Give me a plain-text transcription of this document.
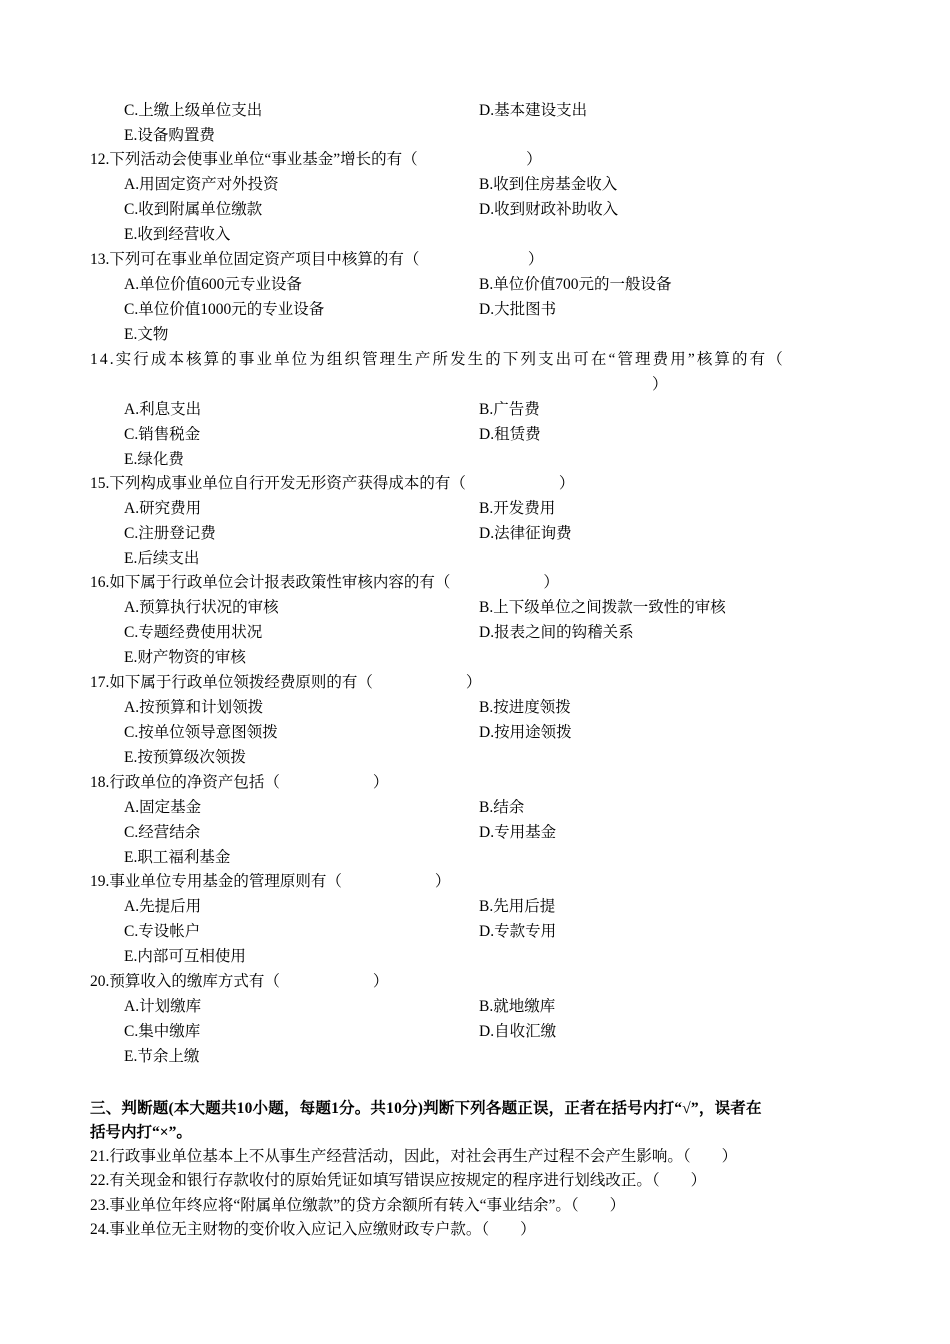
C.上缴上级单位支出	D.基本建设支出
E.设备购置费
12.下列活动会使事业单位“事业基金”增长的有（　　　　　　　）
A.用固定资产对外投资	B.收到住房基金收入
C.收到附属单位缴款	D.收到财政补助收入
E.收到经营收入
13.下列可在事业单位固定资产项目中核算的有（　　　　　　　）
A.单位价值600元专业设备	B.单位价值700元的一般设备
C.单位价值1000元的专业设备	D.大批图书
E.文物
14.实行成本核算的事业单位为组织管理生产所发生的下列支出可在“管理费用”核算的有（
）
A.利息支出	B.广告费
C.销售税金	D.租赁费
E.绿化费
15.下列构成事业单位自行开发无形资产获得成本的有（　　　　　　）
A.研究费用	B.开发费用
C.注册登记费	D.法律征询费
E.后续支出
16.如下属于行政单位会计报表政策性审核内容的有（　　　　　　）
A.预算执行状况的审核	B.上下级单位之间拨款一致性的审核
C.专题经费使用状况	D.报表之间的钩稽关系
E.财产物资的审核
17.如下属于行政单位领拨经费原则的有（　　　　　　）
A.按预算和计划领拨	B.按进度领拨
C.按单位领导意图领拨	D.按用途领拨
E.按预算级次领拨
18.行政单位的净资产包括（　　　　　　）
A.固定基金	B.结余
C.经营结余	D.专用基金
E.职工福利基金
19.事业单位专用基金的管理原则有（　　　　　　）
A.先提后用	B.先用后提
C.专设帐户	D.专款专用
E.内部可互相使用
20.预算收入的缴库方式有（　　　　　　）
A.计划缴库	B.就地缴库
C.集中缴库	D.自收汇缴
E.节余上缴
三、判断题(本大题共10小题，每题1分。共10分)判断下列各题正误，正者在括号内打“√”，误者在
括号内打“×”。
21.行政事业单位基本上不从事生产经营活动，因此，对社会再生产过程不会产生影响。（　　）
22.有关现金和银行存款收付的原始凭证如填写错误应按规定的程序进行划线改正。（　　）
23.事业单位年终应将“附属单位缴款”的贷方余额所有转入“事业结余”。（　　）
24.事业单位无主财物的变价收入应记入应缴财政专户款。（　　）
